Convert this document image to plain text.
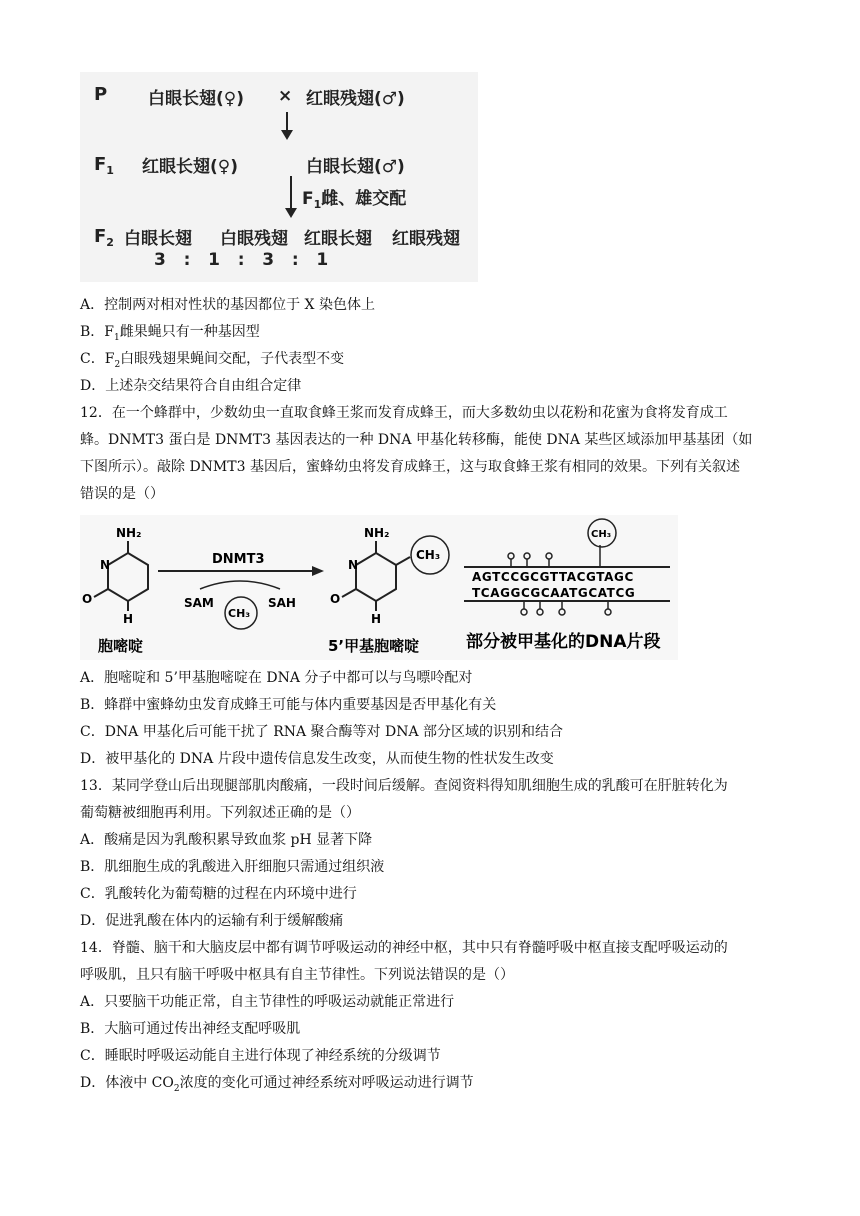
P 白眼长翅(♀) × 红眼残翅(♂)
$F_1$ 红眼长翅(♀)	白眼长翅(♂)
$F_1$雌、雄交配
$F_2$ 白眼长翅 白眼残翅 红眼长翅 红眼残翅
3   :   1   :   3   :   1
A．控制两对相对性状的基因都位于 X 染色体上
B．$F_1$雌果蝇只有一种基因型
C．$F_2$白眼残翅果蝇间交配，子代表型不变
D．上述杂交结果符合自由组合定律
12．在一个蜂群中，少数幼虫一直取食蜂王浆而发育成蜂王，而大多数幼虫以花粉和花蜜为食将发育成工
蜂。DNMT3 蛋白是 DNMT3 基因表达的一种 DNA 甲基化转移酶，能使 DNA 某些区域添加甲基基团（如
下图所示）。敲除 DNMT3 基因后，蜜蜂幼虫将发育成蜂王，这与取食蜂王浆有相同的效果。下列有关叙述
错误的是（）
NH₂
N
O
H
胞嘧啶
DNMT3
SAM	SAH
CH₃
NH₂
N
O
H
CH₃
5’甲基胞嘧啶
AGTCCGCGTTACGTAGC
TCAGGCGCAATGCATCG
CH₃
部分被甲基化的DNA片段
A．胞嘧啶和 5’甲基胞嘧啶在 DNA 分子中都可以与鸟嘌呤配对
B．蜂群中蜜蜂幼虫发育成蜂王可能与体内重要基因是否甲基化有关
C．DNA 甲基化后可能干扰了 RNA 聚合酶等对 DNA 部分区域的识别和结合
D．被甲基化的 DNA 片段中遗传信息发生改变，从而使生物的性状发生改变
13．某同学登山后出现腿部肌肉酸痛，一段时间后缓解。查阅资料得知肌细胞生成的乳酸可在肝脏转化为
葡萄糖被细胞再利用。下列叙述正确的是（）
A．酸痛是因为乳酸积累导致血浆 pH 显著下降
B．肌细胞生成的乳酸进入肝细胞只需通过组织液
C．乳酸转化为葡萄糖的过程在内环境中进行
D．促进乳酸在体内的运输有利于缓解酸痛
14．脊髓、脑干和大脑皮层中都有调节呼吸运动的神经中枢，其中只有脊髓呼吸中枢直接支配呼吸运动的
呼吸肌，且只有脑干呼吸中枢具有自主节律性。下列说法错误的是（）
A．只要脑干功能正常，自主节律性的呼吸运动就能正常进行
B．大脑可通过传出神经支配呼吸肌
C．睡眠时呼吸运动能自主进行体现了神经系统的分级调节
D．体液中 $CO_2$浓度的变化可通过神经系统对呼吸运动进行调节
